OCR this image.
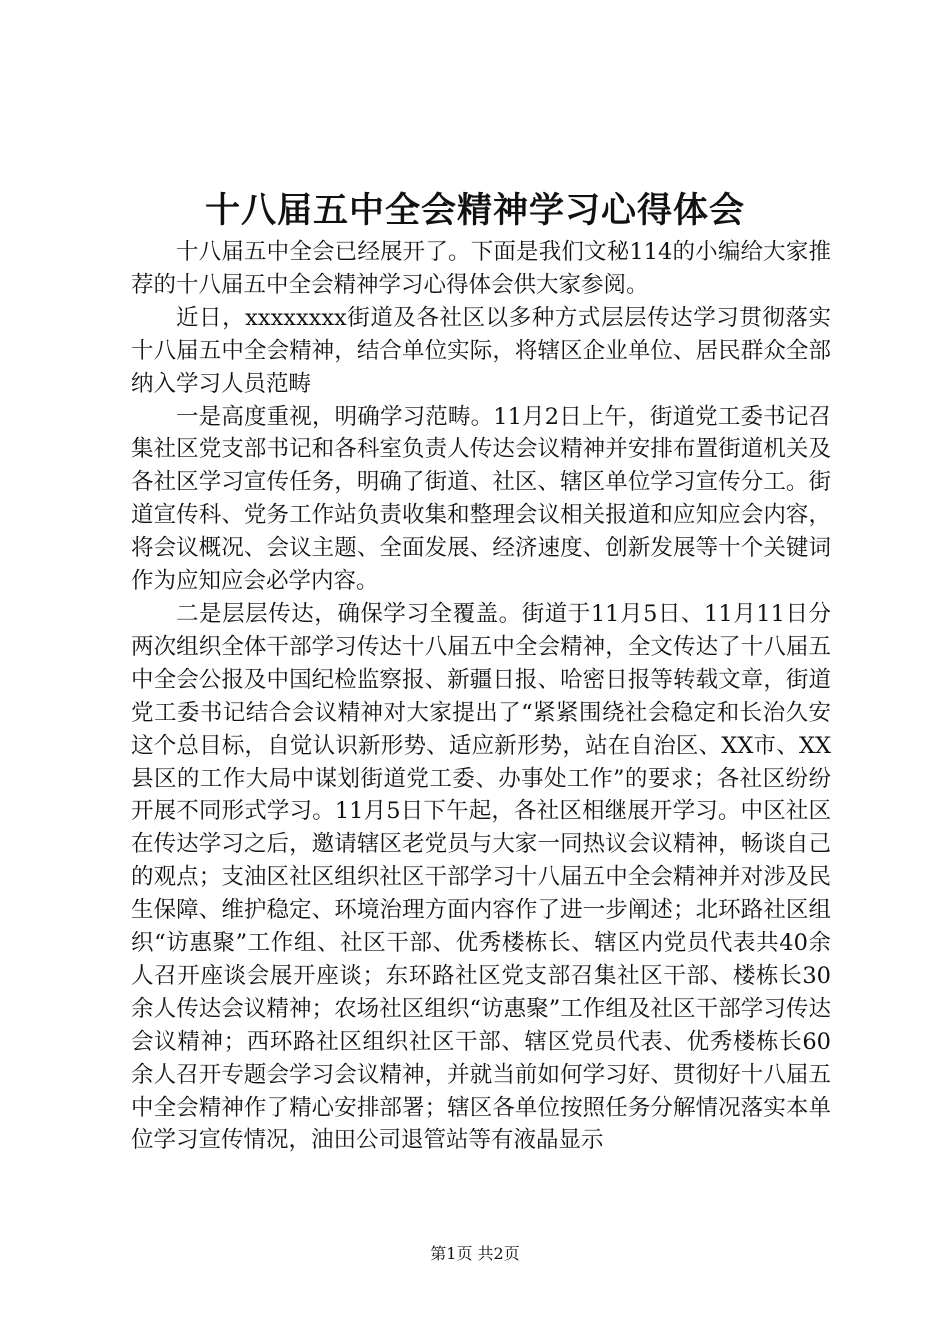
十八届五中全会精神学习心得体会

十八届五中全会已经展开了。下面是我们文秘114的小编给大家推荐的十八届五中全会精神学习心得体会供大家参阅。

近日，xxxxxxxx街道及各社区以多种方式层层传达学习贯彻落实十八届五中全会精神，结合单位实际，将辖区企业单位、居民群众全部纳入学习人员范畴

一是高度重视，明确学习范畴。11月2日上午，街道党工委书记召集社区党支部书记和各科室负责人传达会议精神并安排布置街道机关及各社区学习宣传任务，明确了街道、社区、辖区单位学习宣传分工。街道宣传科、党务工作站负责收集和整理会议相关报道和应知应会内容，将会议概况、会议主题、全面发展、经济速度、创新发展等十个关键词作为应知应会必学内容。

二是层层传达，确保学习全覆盖。街道于11月5日、11月11日分两次组织全体干部学习传达十八届五中全会精神，全文传达了十八届五中全会公报及中国纪检监察报、新疆日报、哈密日报等转载文章，街道党工委书记结合会议精神对大家提出了“紧紧围绕社会稳定和长治久安这个总目标，自觉认识新形势、适应新形势，站在自治区、XX市、XX县区的工作大局中谋划街道党工委、办事处工作”的要求；各社区纷纷开展不同形式学习。11月5日下午起，各社区相继展开学习。中区社区在传达学习之后，邀请辖区老党员与大家一同热议会议精神，畅谈自己的观点；支油区社区组织社区干部学习十八届五中全会精神并对涉及民生保障、维护稳定、环境治理方面内容作了进一步阐述；北环路社区组织“访惠聚”工作组、社区干部、优秀楼栋长、辖区内党员代表共40余人召开座谈会展开座谈；东环路社区党支部召集社区干部、楼栋长30余人传达会议精神；农场社区组织“访惠聚”工作组及社区干部学习传达会议精神；西环路社区组织社区干部、辖区党员代表、优秀楼栋长60余人召开专题会学习会议精神，并就当前如何学习好、贯彻好十八届五中全会精神作了精心安排部署；辖区各单位按照任务分解情况落实本单位学习宣传情况，油田公司退管站等有液晶显示

第1页 共2页
